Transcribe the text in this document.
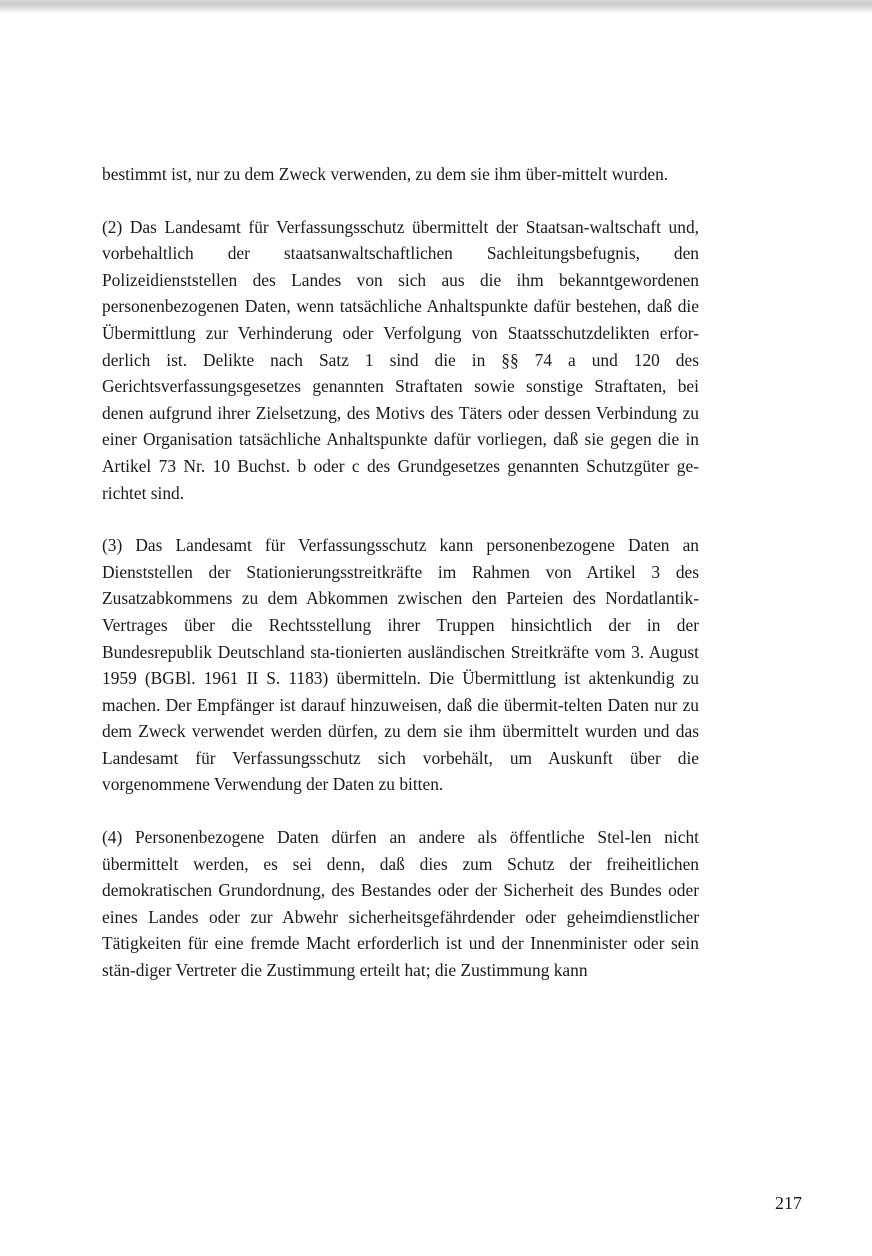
bestimmt ist, nur zu dem Zweck verwenden, zu dem sie ihm über-mittelt wurden.

(2) Das Landesamt für Verfassungsschutz übermittelt der Staatsan-waltschaft und, vorbehaltlich der staatsanwaltschaftlichen Sachleitungsbefugnis, den Polizeidienststellen des Landes von sich aus die ihm bekanntgewordenen personenbezogenen Daten, wenn tatsächliche Anhaltspunkte dafür bestehen, daß die Übermittlung zur Verhinderung oder Verfolgung von Staatsschutzdelikten erfor-derlich ist. Delikte nach Satz 1 sind die in §§ 74 a und 120 des Gerichtsverfassungsgesetzes genannten Straftaten sowie sonstige Straftaten, bei denen aufgrund ihrer Zielsetzung, des Motivs des Täters oder dessen Verbindung zu einer Organisation tatsächliche Anhaltspunkte dafür vorliegen, daß sie gegen die in Artikel 73 Nr. 10 Buchst. b oder c des Grundgesetzes genannten Schutzgüter ge-richtet sind.

(3) Das Landesamt für Verfassungsschutz kann personenbezogene Daten an Dienststellen der Stationierungsstreitkräfte im Rahmen von Artikel 3 des Zusatzabkommens zu dem Abkommen zwischen den Parteien des Nordatlantik-Vertrages über die Rechtsstellung ihrer Truppen hinsichtlich der in der Bundesrepublik Deutschland sta-tionierten ausländischen Streitkräfte vom 3. August 1959 (BGBl. 1961 II S. 1183) übermitteln. Die Übermittlung ist aktenkundig zu machen. Der Empfänger ist darauf hinzuweisen, daß die übermit-telten Daten nur zu dem Zweck verwendet werden dürfen, zu dem sie ihm übermittelt wurden und das Landesamt für Verfassungsschutz sich vorbehält, um Auskunft über die vorgenommene Verwendung der Daten zu bitten.

(4) Personenbezogene Daten dürfen an andere als öffentliche Stel-len nicht übermittelt werden, es sei denn, daß dies zum Schutz der freiheitlichen demokratischen Grundordnung, des Bestandes oder der Sicherheit des Bundes oder eines Landes oder zur Abwehr sicherheitsgefährdender oder geheimdienstlicher Tätigkeiten für eine fremde Macht erforderlich ist und der Innenminister oder sein stän-diger Vertreter die Zustimmung erteilt hat; die Zustimmung kann

217
